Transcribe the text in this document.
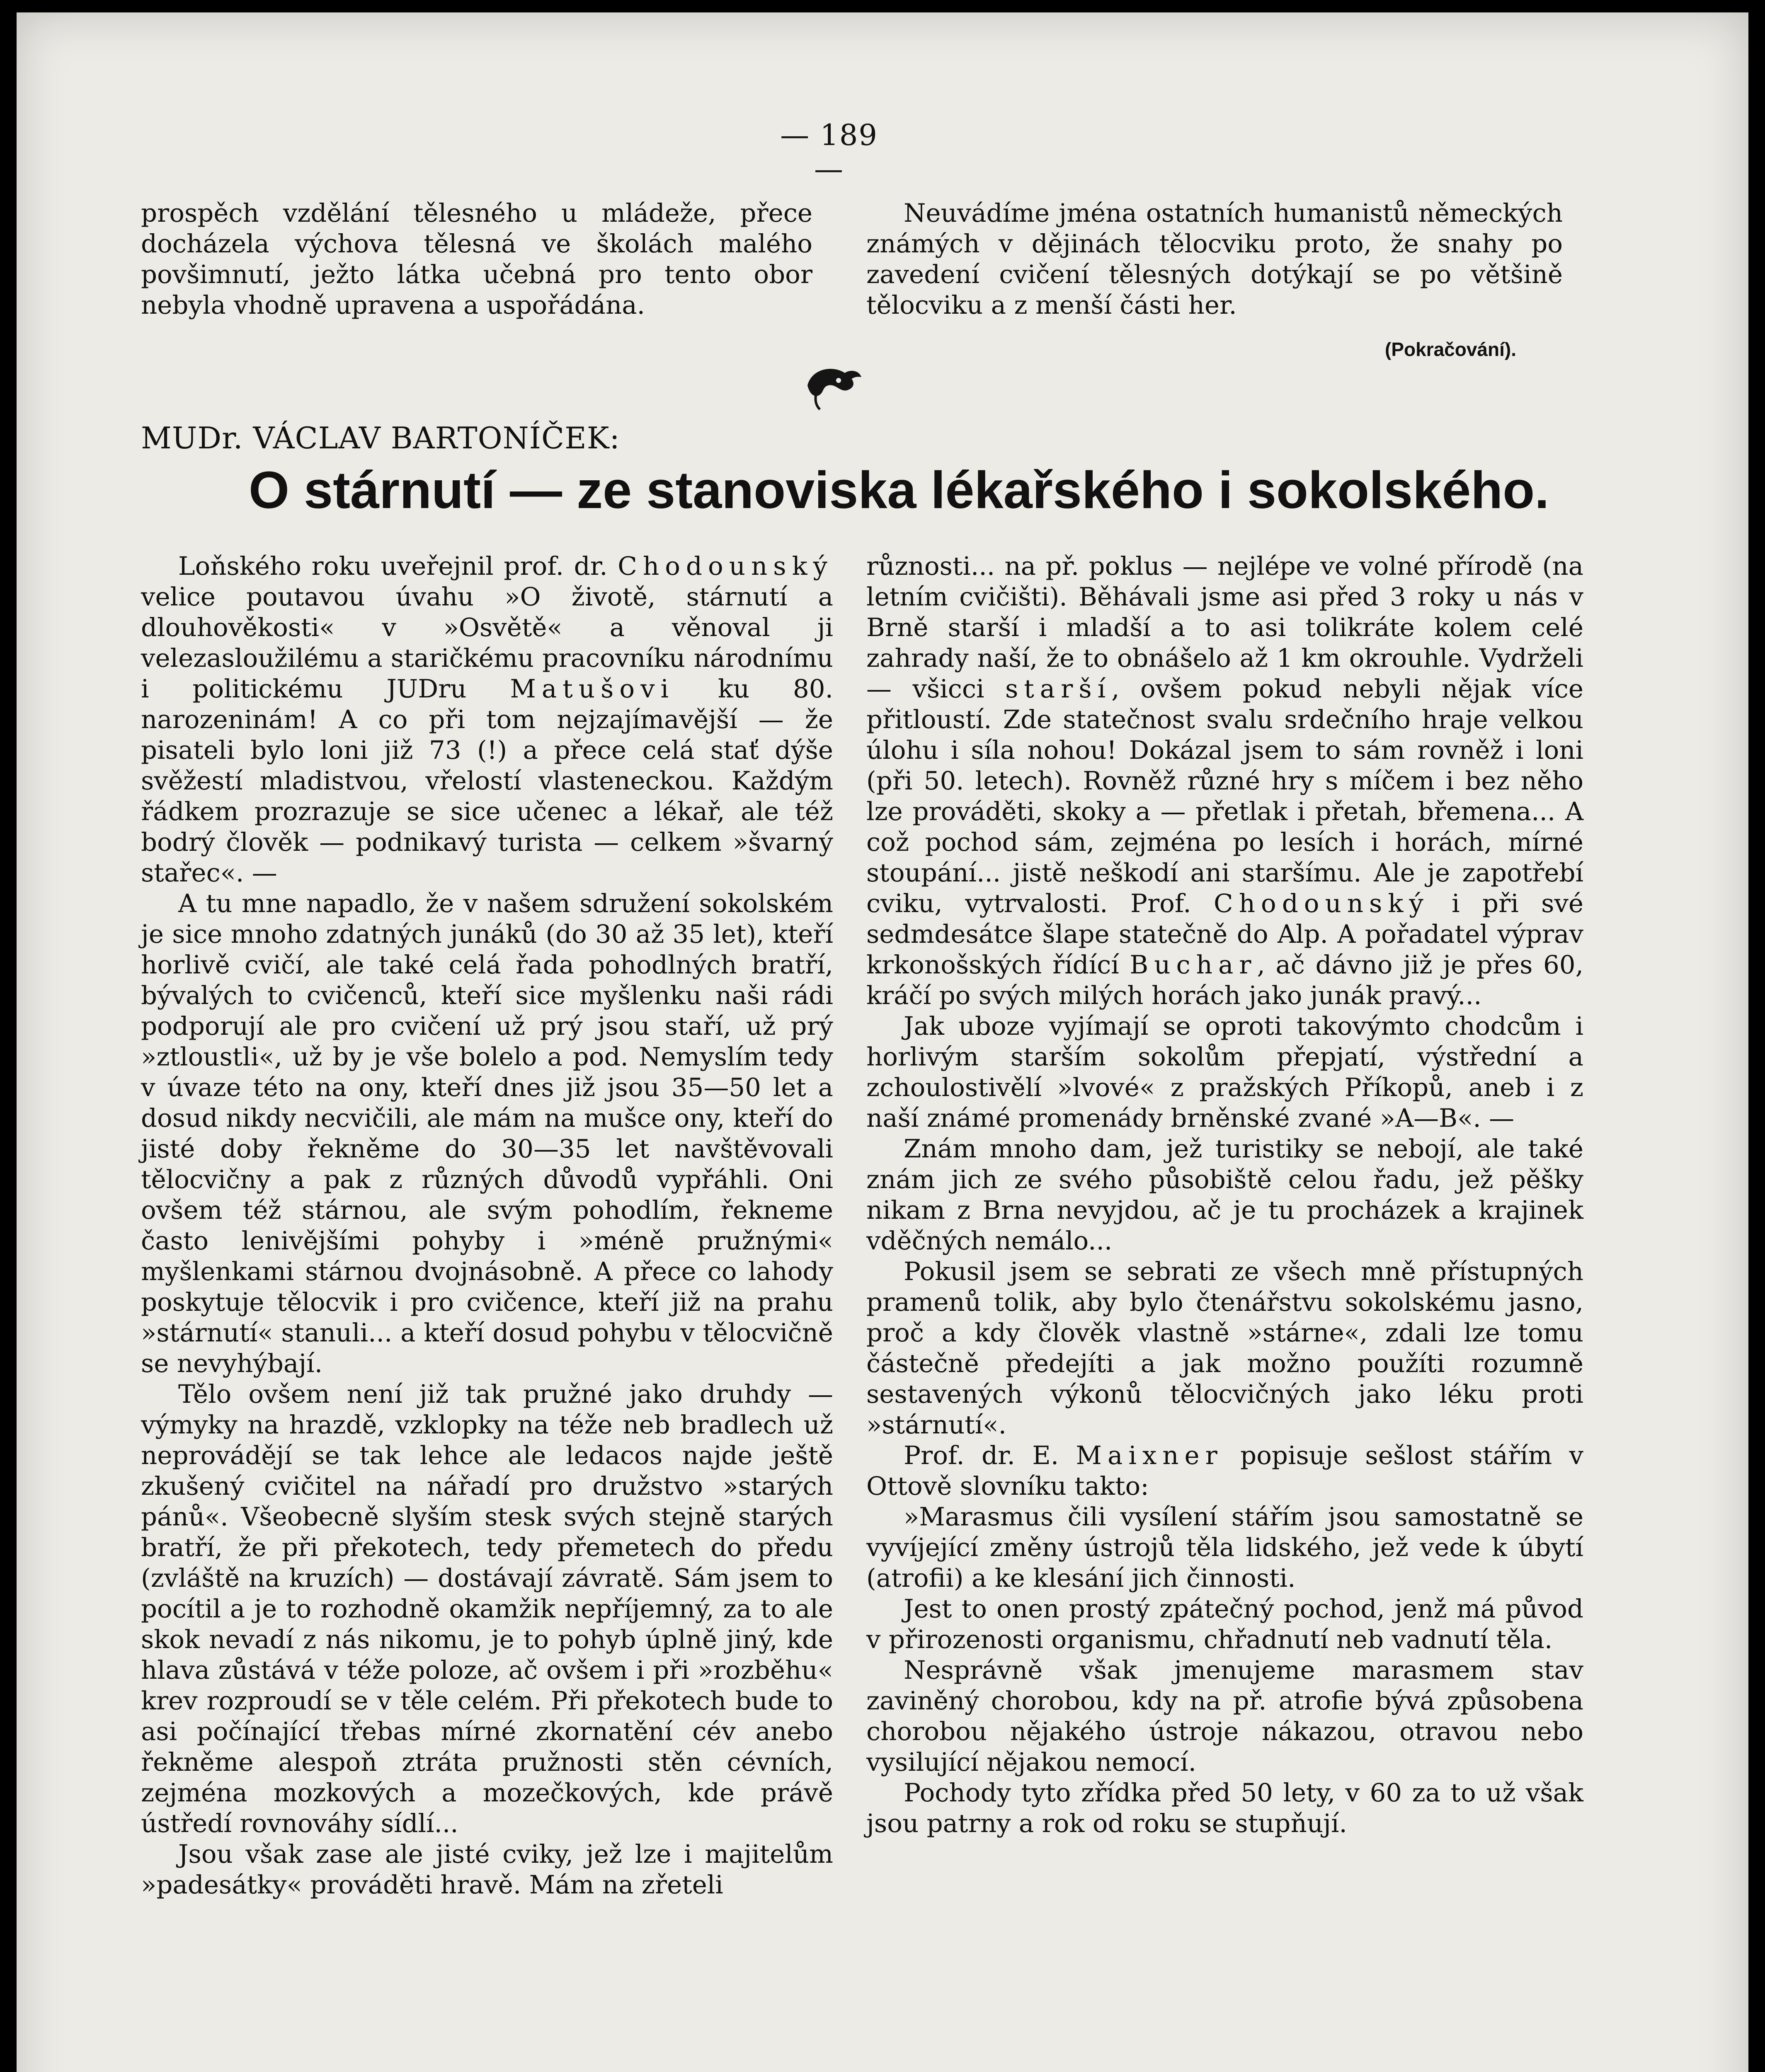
— 189 —

prospěch vzdělání tělesného u mládeže, přece docházela výchova tělesná ve školách malého povšimnutí, ježto látka učebná pro tento obor nebyla vhodně upravena a uspořádána.

Neuvádíme jména ostatních humanistů německých známých v dějinách tělocviku proto, že snahy po zavedení cvičení tělesných dotýkají se po většině tělocviku a z menší části her.

(Pokračování).
MUDr. VÁCLAV BARTONÍČEK:
O stárnutí — ze stanoviska lékařského i sokolského.

Loňského roku uveřejnil prof. dr. Chodounský velice poutavou úvahu »O životě, stárnutí a dlouhověkosti« v »Osvětě« a věnoval ji velezasloužilému a staričkému pracovníku národnímu i politickému JUDru Matušovi ku 80. narozeninám! A co při tom nejzajímavější — že pisateli bylo loni již 73 (!) a přece celá stať dýše svěžestí mladistvou, vřelostí vlasteneckou. Každým řádkem prozrazuje se sice učenec a lékař, ale též bodrý člověk — podnikavý turista — celkem »švarný stařec«. —

A tu mne napadlo, že v našem sdružení sokolském je sice mnoho zdatných junáků (do 30 až 35 let), kteří horlivě cvičí, ale také celá řada pohodlných bratří, bývalých to cvičenců, kteří sice myšlenku naši rádi podporují ale pro cvičení už prý jsou staří, už prý »ztloustli«, už by je vše bolelo a pod. Nemyslím tedy v úvaze této na ony, kteří dnes již jsou 35—50 let a dosud nikdy necvičili, ale mám na mušce ony, kteří do jisté doby řekněme do 30—35 let navštěvovali tělocvičny a pak z různých důvodů vypřáhli. Oni ovšem též stárnou, ale svým pohodlím, řekneme často lenivějšími pohyby i »méně pružnými« myšlenkami stárnou dvojnásobně. A přece co lahody poskytuje tělocvik i pro cvičence, kteří již na prahu »stárnutí« stanuli... a kteří dosud pohybu v tělocvičně se nevyhýbají.

Tělo ovšem není již tak pružné jako druhdy — výmyky na hrazdě, vzklopky na téže neb bradlech už neprovádějí se tak lehce ale ledacos najde ještě zkušený cvičitel na nářadí pro družstvo »starých pánů«. Všeobecně slyším stesk svých stejně starých bratří, že při překotech, tedy přemetech do předu (zvláště na kruzích) — dostávají závratě. Sám jsem to pocítil a je to rozhodně okamžik nepříjemný, za to ale skok nevadí z nás nikomu, je to pohyb úplně jiný, kde hlava zůstává v téže poloze, ač ovšem i při »rozběhu« krev rozproudí se v těle celém. Při překotech bude to asi počínající třebas mírné zkornatění cév anebo řekněme alespoň ztráta pružnosti stěn cévních, zejména mozkových a mozečkových, kde právě ústředí rovnováhy sídlí...

Jsou však zase ale jisté cviky, jež lze i majitelům »padesátky« prováděti hravě. Mám na zřeteli

různosti... na př. poklus — nejlépe ve volné přírodě (na letním cvičišti). Běhávali jsme asi před 3 roky u nás v Brně starší i mladší a to asi tolikráte kolem celé zahrady naší, že to obnášelo až 1 km okrouhle. Vydrželi — všicci starší, ovšem pokud nebyli nějak více přitloustí. Zde statečnost svalu srdečního hraje velkou úlohu i síla nohou! Dokázal jsem to sám rovněž i loni (při 50. letech). Rovněž různé hry s míčem i bez něho lze prováděti, skoky a — přetlak i přetah, břemena... A což pochod sám, zejména po lesích i horách, mírné stoupání... jistě neškodí ani staršímu. Ale je zapotřebí cviku, vytrvalosti. Prof. Chodounský i při své sedmdesátce šlape statečně do Alp. A pořadatel výprav krkonošských řídící Buchar, ač dávno již je přes 60, kráčí po svých milých horách jako junák pravý...

Jak uboze vyjímají se oproti takovýmto chodcům i horlivým starším sokolům přepjatí, výstřední a zchoulostivělí »lvové« z pražských Příkopů, aneb i z naší známé promenády brněnské zvané »A—B«. —

Znám mnoho dam, jež turistiky se nebojí, ale také znám jich ze svého působiště celou řadu, jež pěšky nikam z Brna nevyjdou, ač je tu procházek a krajinek vděčných nemálo...

Pokusil jsem se sebrati ze všech mně přístupných pramenů tolik, aby bylo čtenářstvu sokolskému jasno, proč a kdy člověk vlastně »stárne«, zdali lze tomu částečně předejíti a jak možno použíti rozumně sestavených výkonů tělocvičných jako léku proti »stárnutí«.

Prof. dr. E. Maixner popisuje sešlost stářím v Ottově slovníku takto:

»Marasmus čili vysílení stářím jsou samostatně se vyvíjející změny ústrojů těla lidského, jež vede k úbytí (atrofii) a ke klesání jich činnosti.

Jest to onen prostý zpátečný pochod, jenž má původ v přirozenosti organismu, chřadnutí neb vadnutí těla.

Nesprávně však jmenujeme marasmem stav zaviněný chorobou, kdy na př. atrofie bývá způsobena chorobou nějakého ústroje nákazou, otravou nebo vysilující nějakou nemocí.

Pochody tyto zřídka před 50 lety, v 60 za to už však jsou patrny a rok od roku se stupňují.
